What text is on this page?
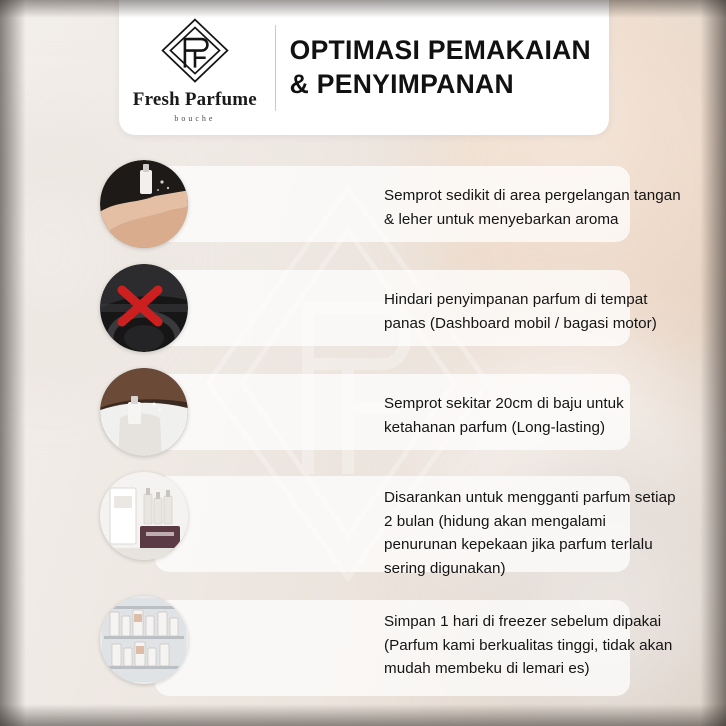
Fresh Parfume
bouche
OPTIMASI PEMAKAIAN
& PENYIMPANAN
Semprot sedikit di area pergelangan tangan & leher untuk menyebarkan aroma
Hindari penyimpanan parfum di tempat panas (Dashboard mobil / bagasi motor)
Semprot sekitar 20cm di baju untuk ketahanan parfum (Long-lasting)
Disarankan untuk mengganti parfum setiap 2 bulan (hidung akan mengalami penurunan kepekaan jika parfum terlalu sering digunakan)
Simpan 1 hari di freezer sebelum dipakai (Parfum kami berkualitas tinggi, tidak akan mudah membeku di lemari es)
